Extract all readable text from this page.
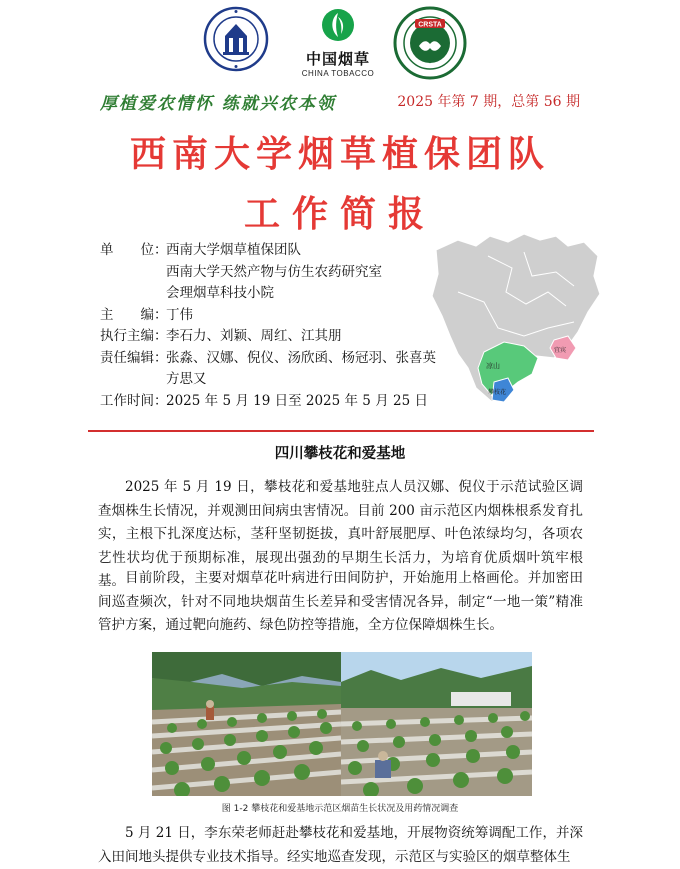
中国烟草
CHINA TOBACCO
CRSTA
厚植爱农情怀 练就兴农本领	2025 年第 7 期，总第 56 期
西南大学烟草植保团队
工作简报
单　　位：
西南大学烟草植保团队
西南大学天然产物与仿生农药研究室
会理烟草科技小院
主　　编：
丁伟
执行主编：
李石力、刘颖、周红、江其朋
责任编辑：
张淼、汉娜、倪仪、汤欣函、杨冠羽、张喜英
方思又
工作时间：
2025 年 5 月 19 日至 2025 年 5 月 25 日
凉山
攀枝花
宜宾
四川攀枝花和爱基地

2025 年 5 月 19 日，攀枝花和爱基地驻点人员汉娜、倪仪于示范试验区调查烟株生长情况，并观测田间病虫害情况。目前 200 亩示范区内烟株根系发育扎实，主根下扎深度达标，茎秆坚韧挺拔，真叶舒展肥厚、叶色浓绿均匀，各项农艺性状均优于预期标准，展现出强劲的早期生长活力，为培育优质烟叶筑牢根基。 目前阶段，主要对烟草花叶病进行田间防护，开始施用上格画伦。并加密田间巡查频次，针对不同地块烟苗生长差异和受害情况各异，制定“一地一策”精准管护方案，通过靶向施药、绿色防控等措施，全方位保障烟株生长。

图 1-2 攀枝花和爱基地示范区烟苗生长状况及用药情况调查

5 月 21 日，李东荣老师赶赴攀枝花和爱基地，开展物资统筹调配工作，并深入田间地头提供专业技术指导。经实地巡查发现，示范区与实验区的烟草整体生
